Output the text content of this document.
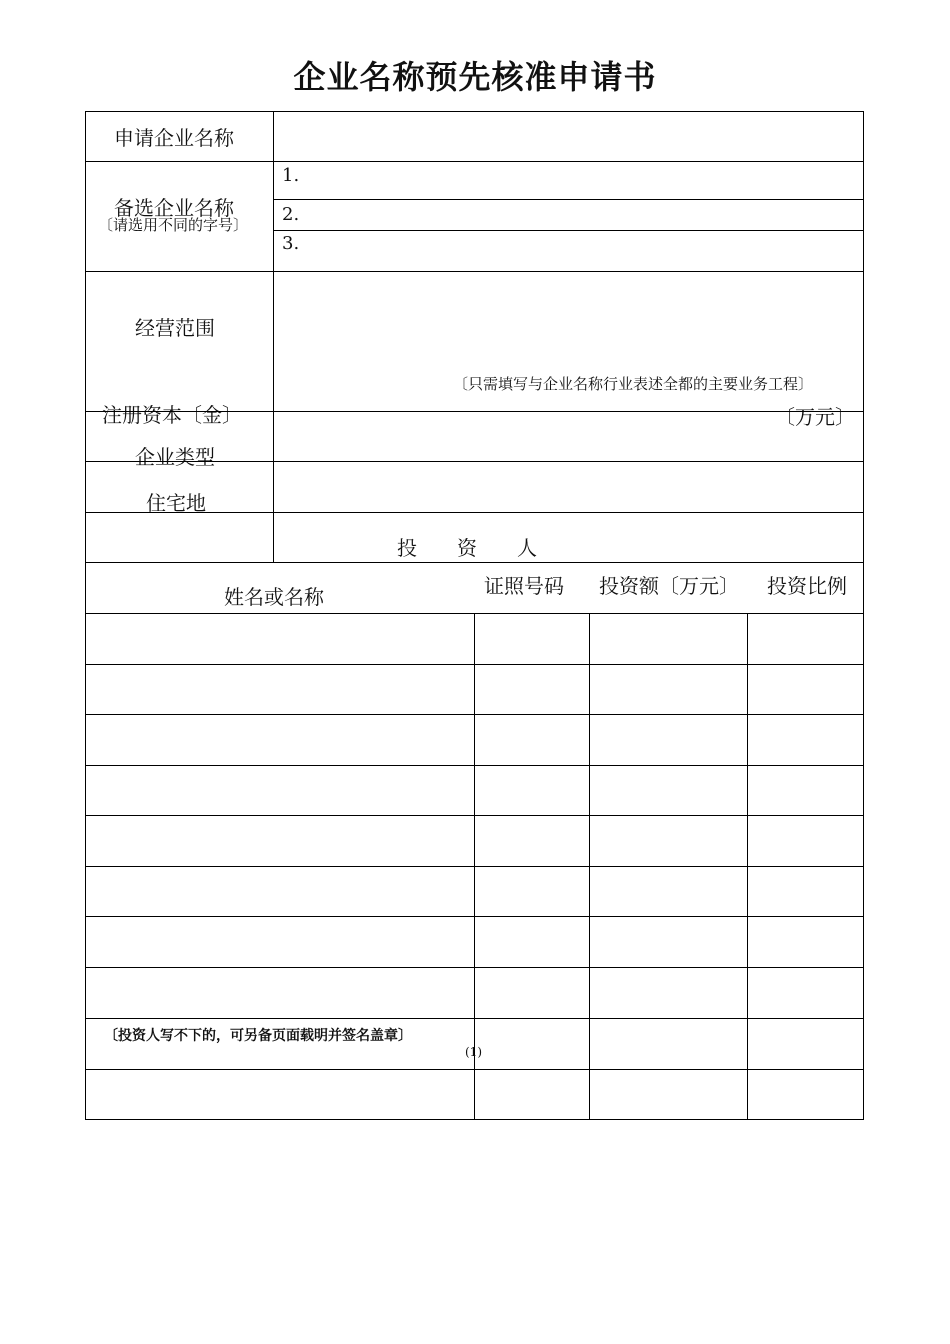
企业名称预先核准申请书
申请企业名称
备选企业名称
〔请选用不同的字号〕
1.
2.
3.
经营范围
〔只需填写与企业名称行业表述全都的主要业务工程〕
注册资本〔金〕	〔万元〕
企业类型
住宅地
投　　资　　人
姓名或名称	证照号码 投资额〔万元〕 投资比例
〔投资人写不下的，可另备页面载明并签名盖章〕
(1)
